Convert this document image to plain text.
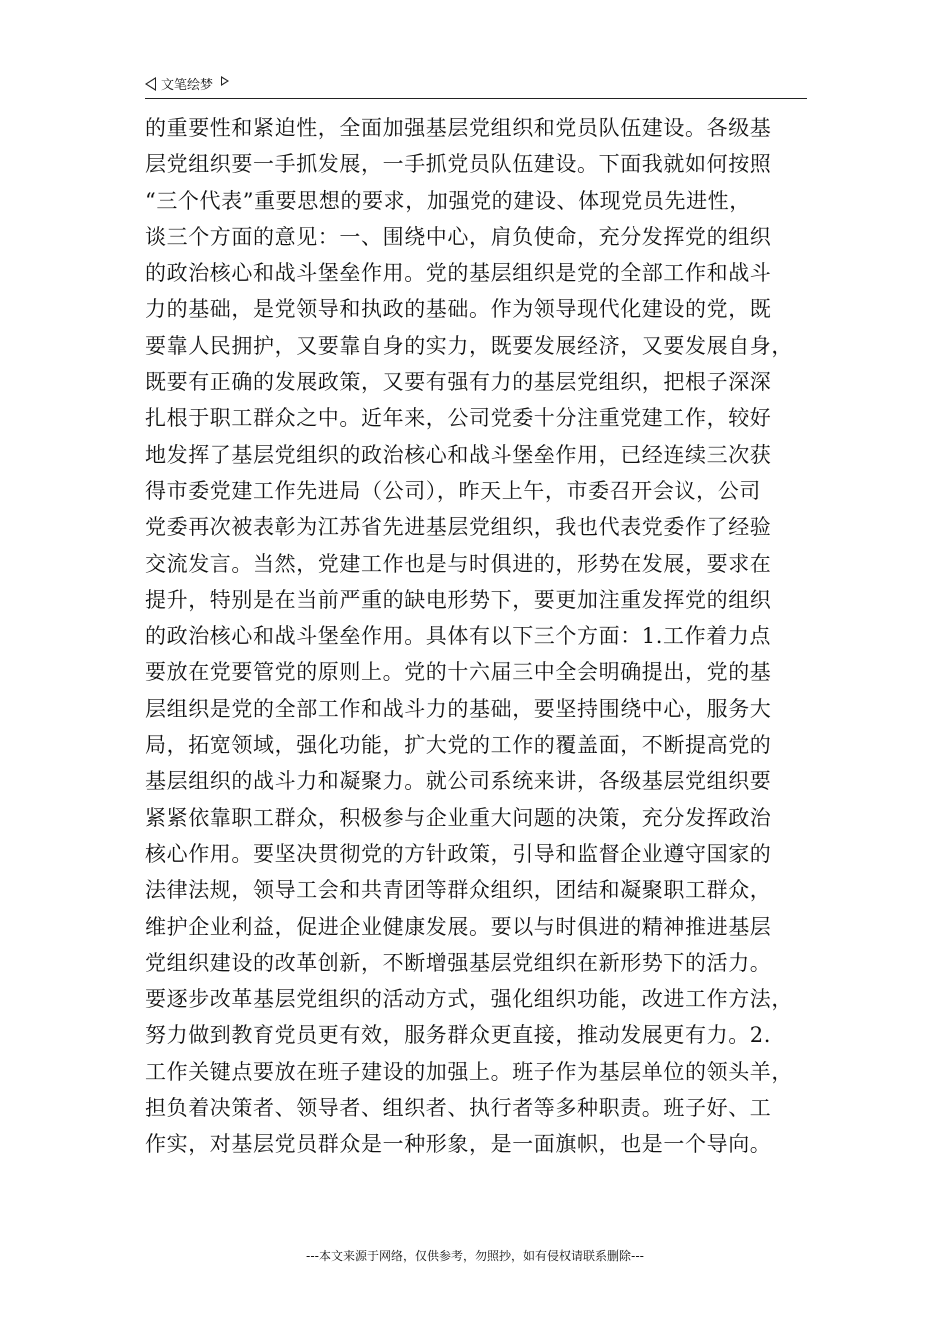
文笔绘梦
的重要性和紧迫性，全面加强基层党组织和党员队伍建设。各级基
层党组织要一手抓发展，一手抓党员队伍建设。下面我就如何按照
“三个代表”重要思想的要求，加强党的建设、体现党员先进性，
谈三个方面的意见：一、围绕中心，肩负使命，充分发挥党的组织
的政治核心和战斗堡垒作用。党的基层组织是党的全部工作和战斗
力的基础，是党领导和执政的基础。作为领导现代化建设的党，既
要靠人民拥护，又要靠自身的实力，既要发展经济，又要发展自身，
既要有正确的发展政策，又要有强有力的基层党组织，把根子深深
扎根于职工群众之中。近年来，公司党委十分注重党建工作，较好
地发挥了基层党组织的政治核心和战斗堡垒作用，已经连续三次获
得市委党建工作先进局（公司），昨天上午，市委召开会议，公司
党委再次被表彰为江苏省先进基层党组织，我也代表党委作了经验
交流发言。当然，党建工作也是与时俱进的，形势在发展，要求在
提升，特别是在当前严重的缺电形势下，要更加注重发挥党的组织
的政治核心和战斗堡垒作用。具体有以下三个方面：1.工作着力点
要放在党要管党的原则上。党的十六届三中全会明确提出，党的基
层组织是党的全部工作和战斗力的基础，要坚持围绕中心，服务大
局，拓宽领域，强化功能，扩大党的工作的覆盖面，不断提高党的
基层组织的战斗力和凝聚力。就公司系统来讲，各级基层党组织要
紧紧依靠职工群众，积极参与企业重大问题的决策，充分发挥政治
核心作用。要坚决贯彻党的方针政策，引导和监督企业遵守国家的
法律法规，领导工会和共青团等群众组织，团结和凝聚职工群众，
维护企业利益，促进企业健康发展。要以与时俱进的精神推进基层
党组织建设的改革创新，不断增强基层党组织在新形势下的活力。
要逐步改革基层党组织的活动方式，强化组织功能，改进工作方法，
努力做到教育党员更有效，服务群众更直接，推动发展更有力。2.
工作关键点要放在班子建设的加强上。班子作为基层单位的领头羊，
担负着决策者、领导者、组织者、执行者等多种职责。班子好、工
作实，对基层党员群众是一种形象，是一面旗帜，也是一个导向。
---本文来源于网络，仅供参考，勿照抄，如有侵权请联系删除---
